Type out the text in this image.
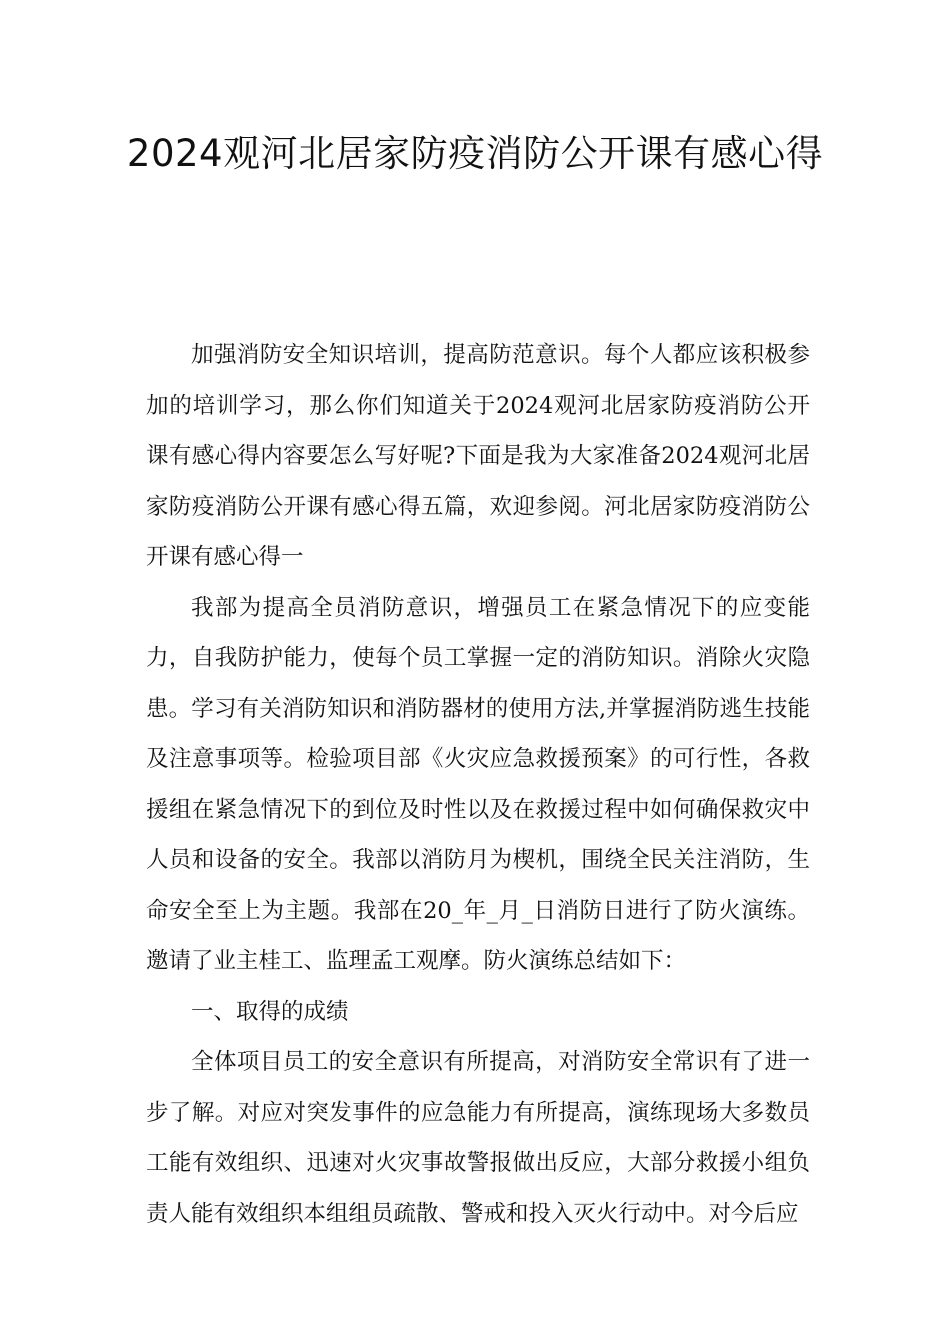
2024观河北居家防疫消防公开课有感心得

加强消防安全知识培训，提高防范意识。每个人都应该积极参加的培训学习，那么你们知道关于2024观河北居家防疫消防公开课有感心得内容要怎么写好呢?下面是我为大家准备2024观河北居家防疫消防公开课有感心得五篇，欢迎参阅。河北居家防疫消防公开课有感心得一

我部为提高全员消防意识，增强员工在紧急情况下的应变能力，自我防护能力，使每个员工掌握一定的消防知识。消除火灾隐患。学习有关消防知识和消防器材的使用方法,并掌握消防逃生技能及注意事项等。检验项目部《火灾应急救援预案》的可行性，各救援组在紧急情况下的到位及时性以及在救援过程中如何确保救灾中人员和设备的安全。我部以消防月为楔机，围绕全民关注消防，生命安全至上为主题。我部在20_年_月_日消防日进行了防火演练。邀请了业主桂工、监理孟工观摩。防火演练总结如下：

一、取得的成绩

全体项目员工的安全意识有所提高，对消防安全常识有了进一步了解。对应对突发事件的应急能力有所提高，演练现场大多数员工能有效组织、迅速对火灾事故警报做出反应，大部分救援小组负责人能有效组织本组组员疏散、警戒和投入灭火行动中。对今后应
